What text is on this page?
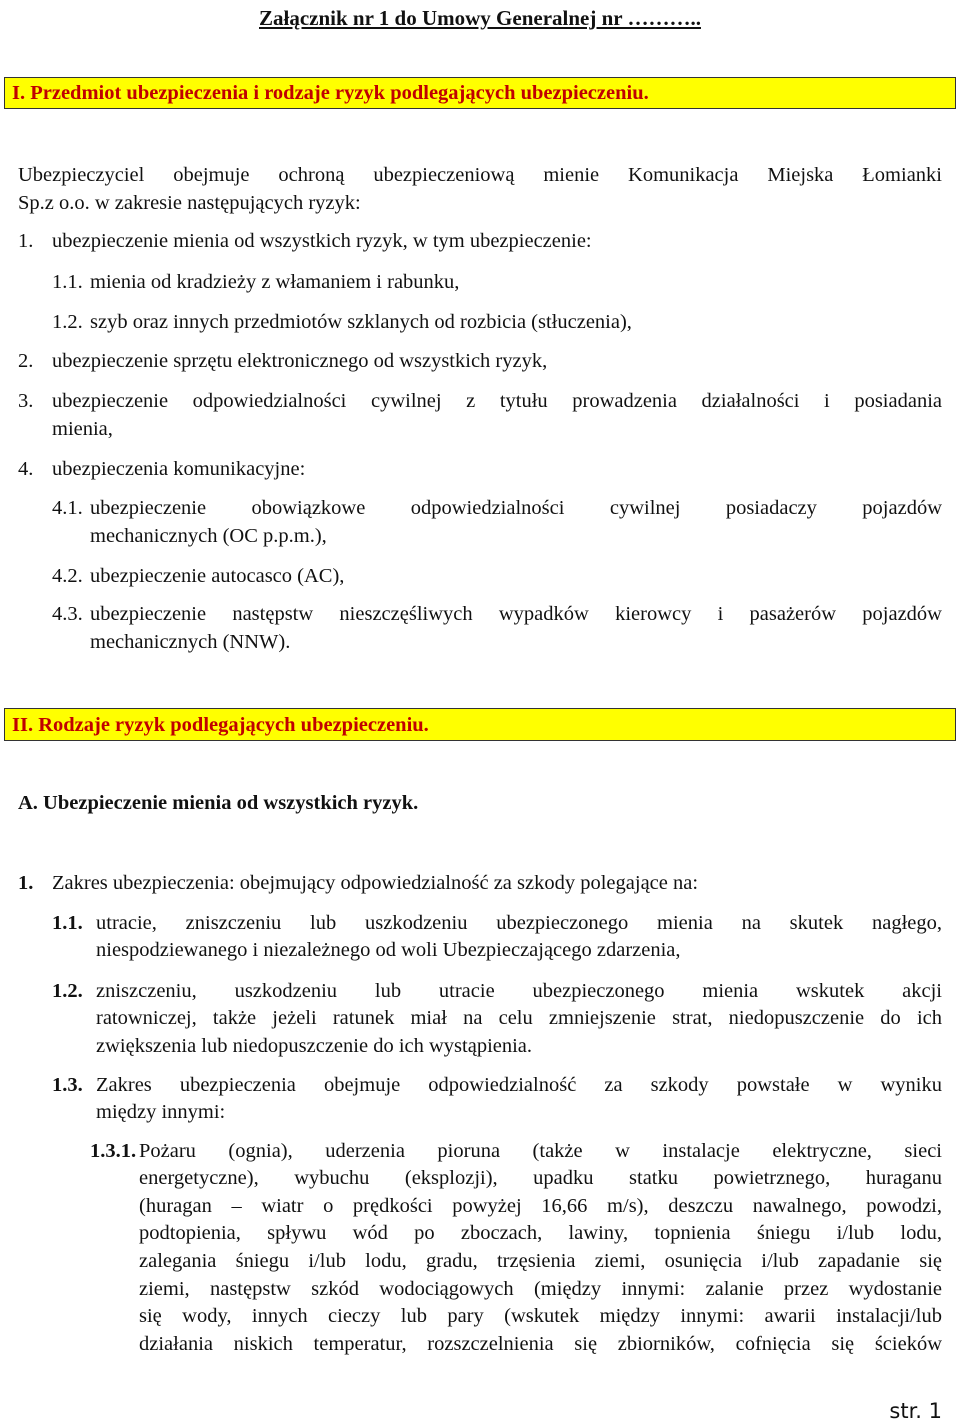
Załącznik nr 1 do Umowy Generalnej nr ………..
I. Przedmiot ubezpieczenia i rodzaje ryzyk podlegających ubezpieczeniu.
Ubezpieczyciel obejmuje ochroną ubezpieczeniową mienie Komunikacja Miejska Łomianki
Sp.z o.o. w zakresie następujących ryzyk:
1. ubezpieczenie mienia od wszystkich ryzyk, w tym ubezpieczenie:
1.1. mienia od kradzieży z włamaniem i rabunku,
1.2. szyb oraz innych przedmiotów szklanych od rozbicia (stłuczenia),
2. ubezpieczenie sprzętu elektronicznego od wszystkich ryzyk,
3. ubezpieczenie odpowiedzialności cywilnej z tytułu prowadzenia działalności i posiadania
mienia,
4. ubezpieczenia komunikacyjne:
4.1. ubezpieczenie obowiązkowe odpowiedzialności cywilnej posiadaczy pojazdów
mechanicznych (OC p.p.m.),
4.2. ubezpieczenie autocasco (AC),
4.3. ubezpieczenie następstw nieszczęśliwych wypadków kierowcy i pasażerów pojazdów
mechanicznych (NNW).
II. Rodzaje ryzyk podlegających ubezpieczeniu.
A. Ubezpieczenie mienia od wszystkich ryzyk.
1. Zakres ubezpieczenia: obejmujący odpowiedzialność za szkody polegające na:
1.1. utracie, zniszczeniu lub uszkodzeniu ubezpieczonego mienia na skutek nagłego,
niespodziewanego i niezależnego od woli Ubezpieczającego zdarzenia,
1.2. zniszczeniu, uszkodzeniu lub utracie ubezpieczonego mienia wskutek akcji
ratowniczej, także jeżeli ratunek miał na celu zmniejszenie strat, niedopuszczenie do ich
zwiększenia lub niedopuszczenie do ich wystąpienia.
1.3. Zakres ubezpieczenia obejmuje odpowiedzialność za szkody powstałe w wyniku
między innymi:
1.3.1. Pożaru (ognia), uderzenia pioruna (także w instalacje elektryczne, sieci
energetyczne), wybuchu (eksplozji), upadku statku powietrznego, huraganu
(huragan – wiatr o prędkości powyżej 16,66 m/s), deszczu nawalnego, powodzi,
podtopienia, spływu wód po zboczach, lawiny, topnienia śniegu i/lub lodu,
zalegania śniegu i/lub lodu, gradu, trzęsienia ziemi, osunięcia i/lub zapadanie się
ziemi, następstw szkód wodociągowych (między innymi: zalanie przez wydostanie
się wody, innych cieczy lub pary (wskutek między innymi: awarii instalacji/lub
działania niskich temperatur, rozszczelnienia się zbiorników, cofnięcia się ścieków
str. 1
